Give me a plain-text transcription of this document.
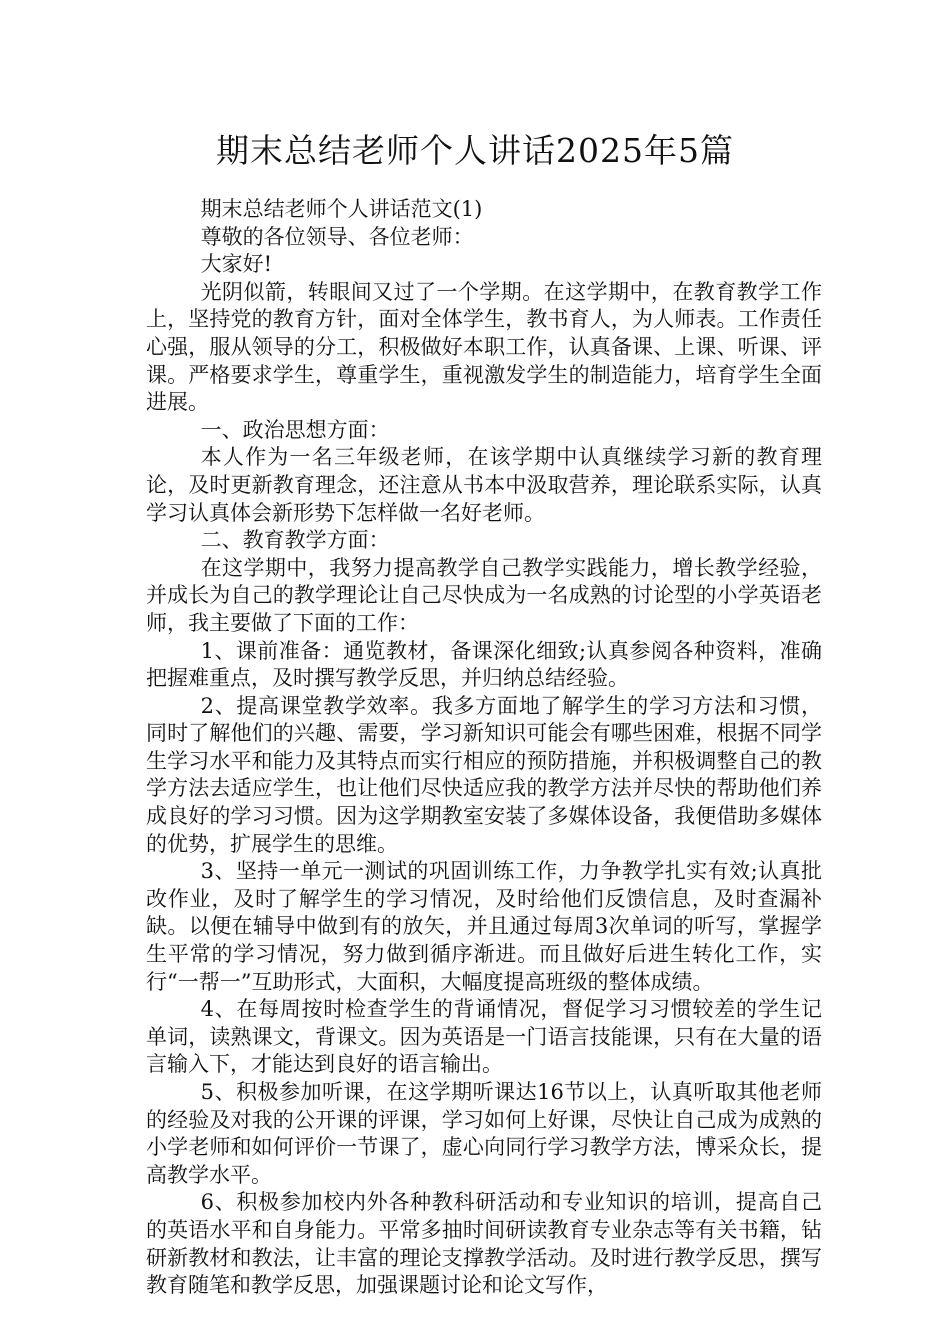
期末总结老师个人讲话2025年5篇

期末总结老师个人讲话范文(1)

尊敬的各位领导、各位老师：

大家好!

光阴似箭，转眼间又过了一个学期。在这学期中，在教育教学工作上，坚持党的教育方针，面对全体学生，教书育人，为人师表。工作责任心强，服从领导的分工，积极做好本职工作，认真备课、上课、听课、评课。严格要求学生，尊重学生，重视激发学生的制造能力，培育学生全面进展。

一、政治思想方面：

本人作为一名三年级老师，在该学期中认真继续学习新的教育理论，及时更新教育理念，还注意从书本中汲取营养，理论联系实际，认真学习认真体会新形势下怎样做一名好老师。

二、教育教学方面：

在这学期中，我努力提高教学自己教学实践能力，增长教学经验，并成长为自己的教学理论让自己尽快成为一名成熟的讨论型的小学英语老师，我主要做了下面的工作：

1、课前准备：通览教材，备课深化细致;认真参阅各种资料，准确把握难重点，及时撰写教学反思，并归纳总结经验。

2、提高课堂教学效率。我多方面地了解学生的学习方法和习惯，同时了解他们的兴趣、需要，学习新知识可能会有哪些困难，根据不同学生学习水平和能力及其特点而实行相应的预防措施，并积极调整自己的教学方法去适应学生，也让他们尽快适应我的教学方法并尽快的帮助他们养成良好的学习习惯。因为这学期教室安装了多媒体设备，我便借助多媒体的优势，扩展学生的思维。

3、坚持一单元一测试的巩固训练工作，力争教学扎实有效;认真批改作业，及时了解学生的学习情况，及时给他们反馈信息，及时查漏补缺。以便在辅导中做到有的放矢，并且通过每周3次单词的听写，掌握学生平常的学习情况，努力做到循序渐进。而且做好后进生转化工作，实行“一帮一”互助形式，大面积，大幅度提高班级的整体成绩。

4、在每周按时检查学生的背诵情况，督促学习习惯较差的学生记单词，读熟课文，背课文。因为英语是一门语言技能课，只有在大量的语言输入下，才能达到良好的语言输出。

5、积极参加听课，在这学期听课达16节以上，认真听取其他老师的经验及对我的公开课的评课，学习如何上好课，尽快让自己成为成熟的小学老师和如何评价一节课了，虚心向同行学习教学方法，博采众长，提高教学水平。

6、积极参加校内外各种教科研活动和专业知识的培训，提高自己的英语水平和自身能力。平常多抽时间研读教育专业杂志等有关书籍，钻研新教材和教法，让丰富的理论支撑教学活动。及时进行教学反思，撰写教育随笔和教学反思，加强课题讨论和论文写作，
